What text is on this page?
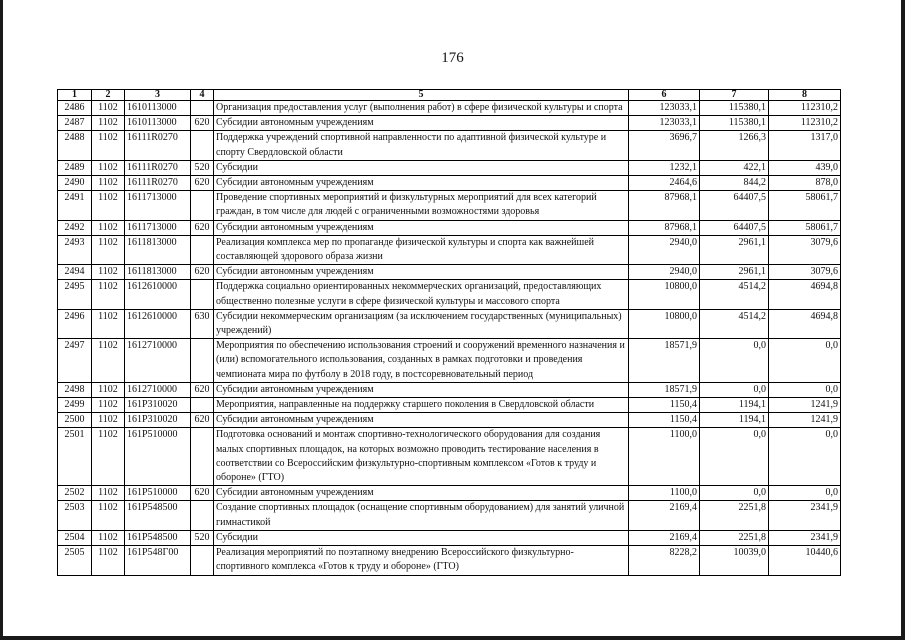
176
1	2	3	4	5	6	7	8
2486	1102	1610113000		Организация предоставления услуг (выполнения работ) в сфере физической культуры и спорта	123033,1	115380,1	112310,2
2487	1102	1610113000	620	Субсидии автономным учреждениям	123033,1	115380,1	112310,2
2488	1102	16111R0270		Поддержка учреждений спортивной направленности по адаптивной физической культуре и спорту Свердловской области	3696,7	1266,3	1317,0
2489	1102	16111R0270	520	Субсидии	1232,1	422,1	439,0
2490	1102	16111R0270	620	Субсидии автономным учреждениям	2464,6	844,2	878,0
2491	1102	1611713000		Проведение спортивных мероприятий и физкультурных мероприятий для всех категорий граждан, в том числе для людей с ограниченными возможностями здоровья	87968,1	64407,5	58061,7
2492	1102	1611713000	620	Субсидии автономным учреждениям	87968,1	64407,5	58061,7
2493	1102	1611813000		Реализация комплекса мер по пропаганде физической культуры и спорта как важнейшей составляющей здорового образа жизни	2940,0	2961,1	3079,6
2494	1102	1611813000	620	Субсидии автономным учреждениям	2940,0	2961,1	3079,6
2495	1102	1612610000		Поддержка социально ориентированных некоммерческих организаций, предоставляющих общественно полезные услуги в сфере физической культуры и массового спорта	10800,0	4514,2	4694,8
2496	1102	1612610000	630	Субсидии некоммерческим организациям (за исключением государственных (муниципальных) учреждений)	10800,0	4514,2	4694,8
2497	1102	1612710000		Мероприятия по обеспечению использования строений и сооружений временного назначения и (или) вспомогательного использования, созданных в рамках подготовки и проведения чемпионата мира по футболу в 2018 году, в постсоревновательный период	18571,9	0,0	0,0
2498	1102	1612710000	620	Субсидии автономным учреждениям	18571,9	0,0	0,0
2499	1102	161P310020		Мероприятия, направленные на поддержку старшего поколения в Свердловской области	1150,4	1194,1	1241,9
2500	1102	161P310020	620	Субсидии автономным учреждениям	1150,4	1194,1	1241,9
2501	1102	161P510000		Подготовка оснований и монтаж спортивно-технологического оборудования для создания малых спортивных площадок, на которых возможно проводить тестирование населения в соответствии со Всероссийским физкультурно-спортивным комплексом «Готов к труду и обороне» (ГТО)	1100,0	0,0	0,0
2502	1102	161P510000	620	Субсидии автономным учреждениям	1100,0	0,0	0,0
2503	1102	161P548500		Создание спортивных площадок (оснащение спортивным оборудованием) для занятий уличной гимнастикой	2169,4	2251,8	2341,9
2504	1102	161P548500	520	Субсидии	2169,4	2251,8	2341,9
2505	1102	161P548Г00		Реализация мероприятий по поэтапному внедрению Всероссийского физкультурно-спортивного комплекса «Готов к труду и обороне» (ГТО)	8228,2	10039,0	10440,6
